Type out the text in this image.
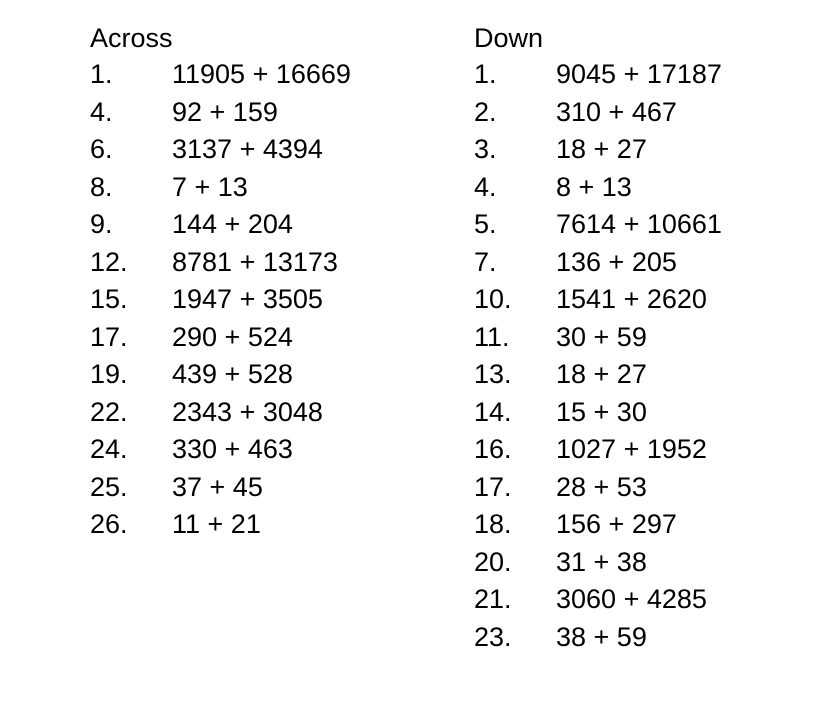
Across
1. 11905 + 16669
4. 92 + 159
6. 3137 + 4394
8. 7 + 13
9. 144 + 204
12. 8781 + 13173
15. 1947 + 3505
17. 290 + 524
19. 439 + 528
22. 2343 + 3048
24. 330 + 463
25. 37 + 45
26. 11 + 21
Down
1. 9045 + 17187
2. 310 + 467
3. 18 + 27
4. 8 + 13
5. 7614 + 10661
7. 136 + 205
10. 1541 + 2620
11. 30 + 59
13. 18 + 27
14. 15 + 30
16. 1027 + 1952
17. 28 + 53
18. 156 + 297
20. 31 + 38
21. 3060 + 4285
23. 38 + 59
